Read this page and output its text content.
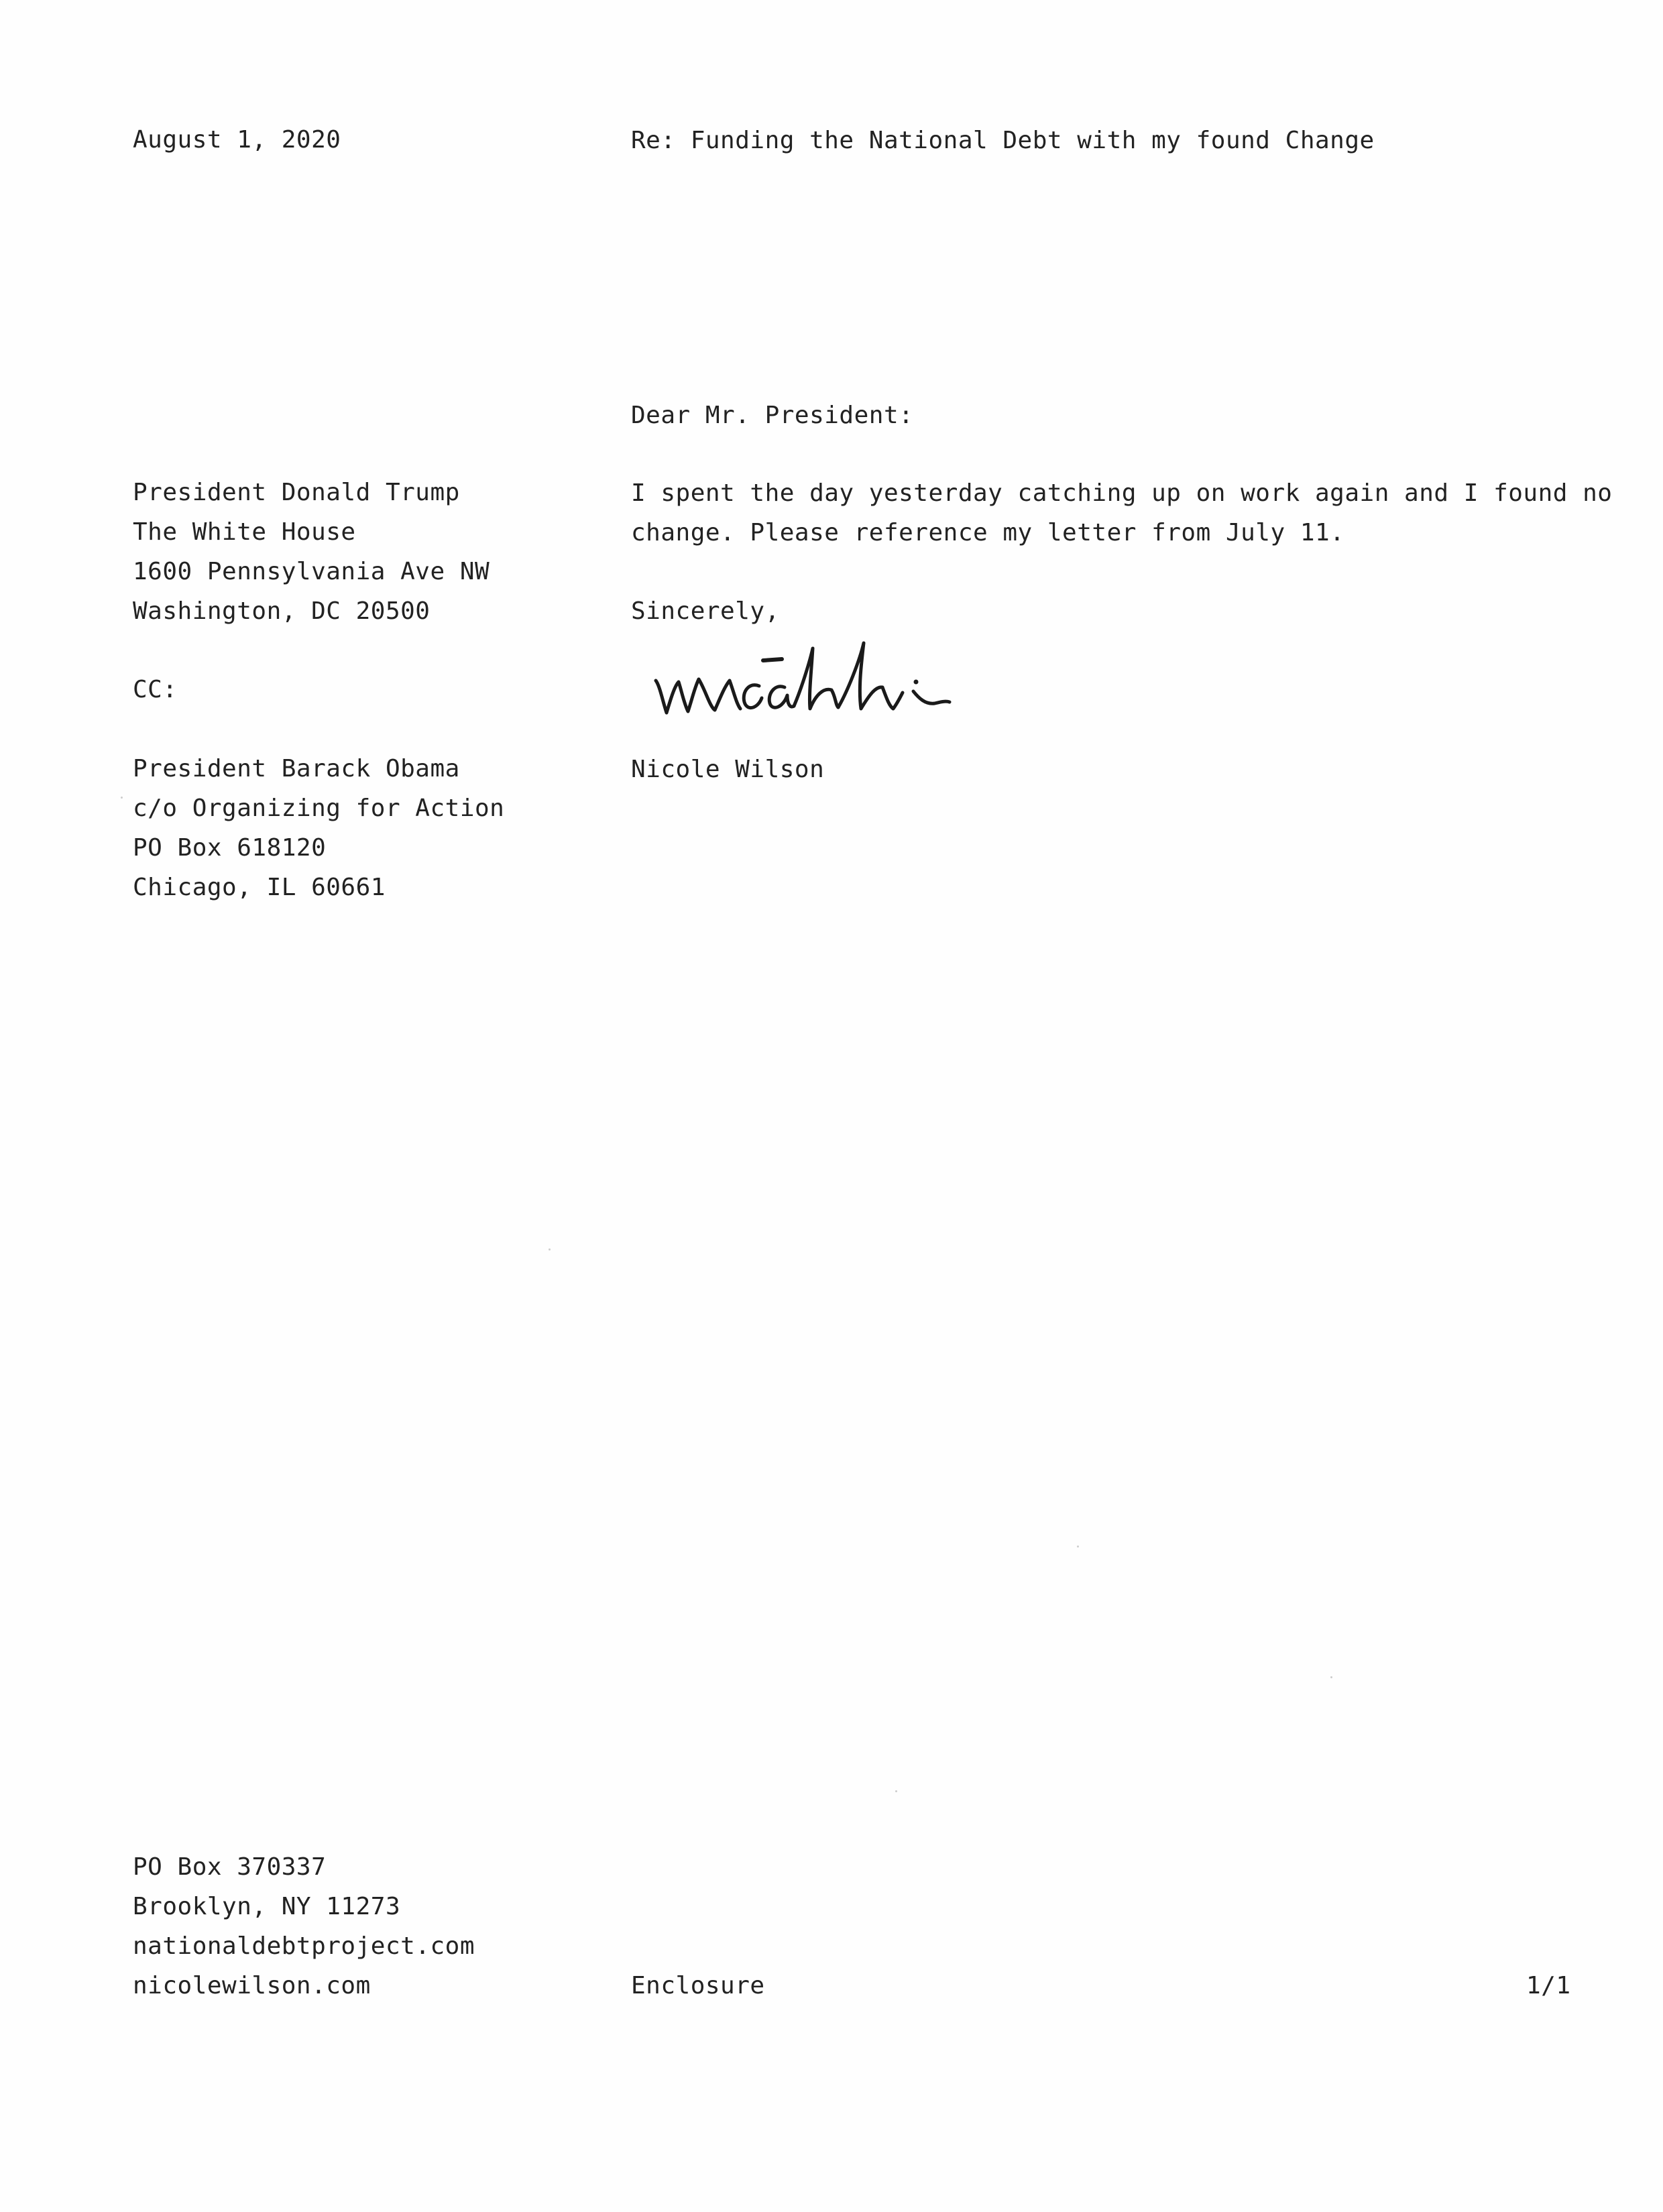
August 1, 2020	Re: Funding the National Debt with my found Change
Dear Mr. President:
President Donald Trump
The White House
1600 Pennsylvania Ave NW
Washington, DC 20500
I spent the day yesterday catching up on work again and I found no
change. Please reference my letter from July 11.
Sincerely,
CC:
President Barack Obama
c/o Organizing for Action
PO Box 618120
Chicago, IL 60661
Nicole Wilson
PO Box 370337
Brooklyn, NY 11273
nationaldebtproject.com
nicolewilson.com	Enclosure	1/1
